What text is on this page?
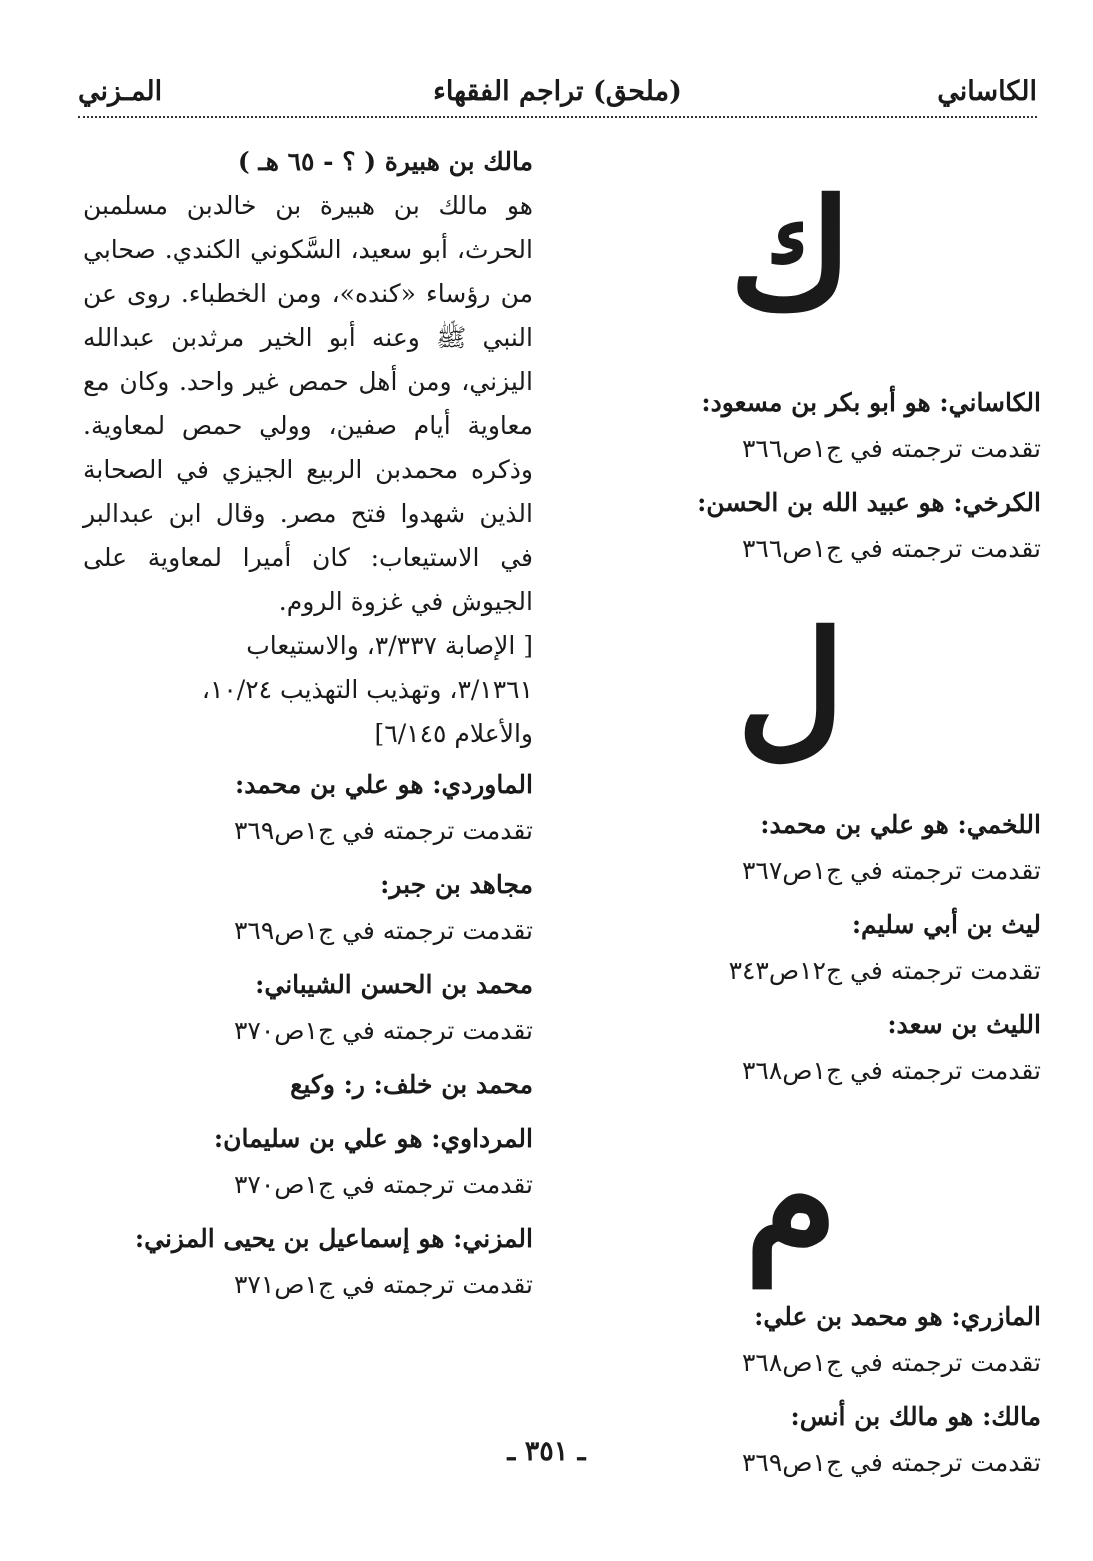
الكاساني
(ملحق) تراجم الفقهاء
المـزني
ك
الكاساني: هو أبو بكر بن مسعود:
تقدمت ترجمته في ج١ص٣٦٦
الكرخي: هو عبيد الله بن الحسن:
تقدمت ترجمته في ج١ص٣٦٦
ل
اللخمي: هو علي بن محمد:
تقدمت ترجمته في ج١ص٣٦٧
ليث بن أبي سليم:
تقدمت ترجمته في ج١٢ص٣٤٣
الليث بن سعد:
تقدمت ترجمته في ج١ص٣٦٨
م
المازري: هو محمد بن علي:
تقدمت ترجمته في ج١ص٣٦٨
مالك: هو مالك بن أنس:
تقدمت ترجمته في ج١ص٣٦٩
مالك بن هبيرة ( ؟ - ٦٥ هـ )

هو مالك بن هبيرة بن خالدبن مسلمبن الحرث، أبو سعيد، السَّكوني الكندي. صحابي من رؤساء «كنده»، ومن الخطباء. روى عن النبي ﷺ وعنه أبو الخير مرثدبن عبدالله اليزني، ومن أهل حمص غير واحد. وكان مع معاوية أيام صفين، وولي حمص لمعاوية. وذكره محمدبن الربيع الجيزي في الصحابة الذين شهدوا فتح مصر. وقال ابن عبدالبر في الاستيعاب: كان أميرا لمعاوية على الجيوش في غزوة الروم.

[ الإصابة ٣/٣٣٧، والاستيعاب
٣/١٣٦١، وتهذيب التهذيب ١٠/٢٤،
والأعلام ٦/١٤٥]
الماوردي: هو علي بن محمد:
تقدمت ترجمته في ج١ص٣٦٩
مجاهد بن جبر:
تقدمت ترجمته في ج١ص٣٦٩
محمد بن الحسن الشيباني:
تقدمت ترجمته في ج١ص٣٧٠
محمد بن خلف: ر: وكيع
المرداوي: هو علي بن سليمان:
تقدمت ترجمته في ج١ص٣٧٠
المزني: هو إسماعيل بن يحيى المزني:
تقدمت ترجمته في ج١ص٣٧١
ـ ٣٥١ ـ
